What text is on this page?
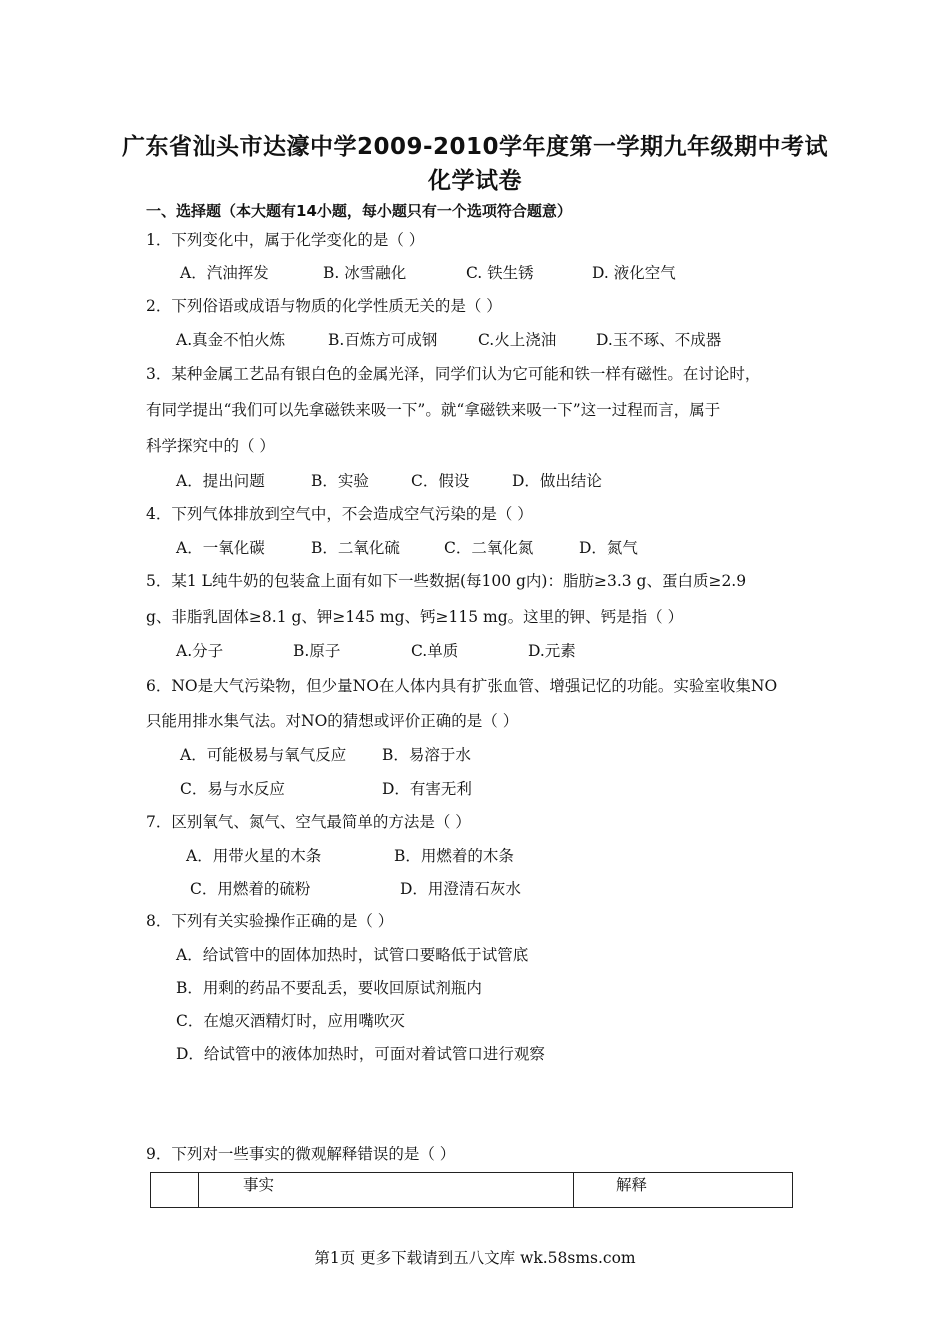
广东省汕头市达濠中学2009-2010学年度第一学期九年级期中考试
化学试卷
一、选择题（本大题有14小题，每小题只有一个选项符合题意）
1．下列变化中，属于化学变化的是（ ）
A．汽油挥发	B. 冰雪融化	C. 铁生锈	D. 液化空气
2．下列俗语或成语与物质的化学性质无关的是（ ）
A.真金不怕火炼	B.百炼方可成钢	C.火上浇油	D.玉不琢、不成器
3．某种金属工艺品有银白色的金属光泽，同学们认为它可能和铁一样有磁性。在讨论时，
有同学提出“我们可以先拿磁铁来吸一下”。就“拿磁铁来吸一下”这一过程而言，属于
科学探究中的（ ）
A．提出问题	B．实验	C．假设	D．做出结论
4．下列气体排放到空气中，不会造成空气污染的是（ ）
A．一氧化碳	B．二氧化硫	C．二氧化氮	D．氮气
5．某1 L纯牛奶的包装盒上面有如下一些数据(每100 g内)：脂肪≥3.3 g、蛋白质≥2.9
g、非脂乳固体≥8.1 g、钾≥145 mg、钙≥115 mg。这里的钾、钙是指（ ）
A.分子	B.原子	C.单质	D.元素
6．NO是大气污染物，但少量NO在人体内具有扩张血管、增强记忆的功能。实验室收集NO
只能用排水集气法。对NO的猜想或评价正确的是（ ）
A．可能极易与氧气反应 B．易溶于水
C．易与水反应	D．有害无利
7．区别氧气、氮气、空气最简单的方法是（ ）
A．用带火星的木条	B．用燃着的木条
C．用燃着的硫粉	D．用澄清石灰水
8．下列有关实验操作正确的是（ ）
A．给试管中的固体加热时，试管口要略低于试管底
B．用剩的药品不要乱丢，要收回原试剂瓶内
C．在熄灭酒精灯时，应用嘴吹灭
D．给试管中的液体加热时，可面对着试管口进行观察
9．下列对一些事实的微观解释错误的是（ ）
	事实	解释
第1页 更多下载请到五八文库 wk.58sms.com
